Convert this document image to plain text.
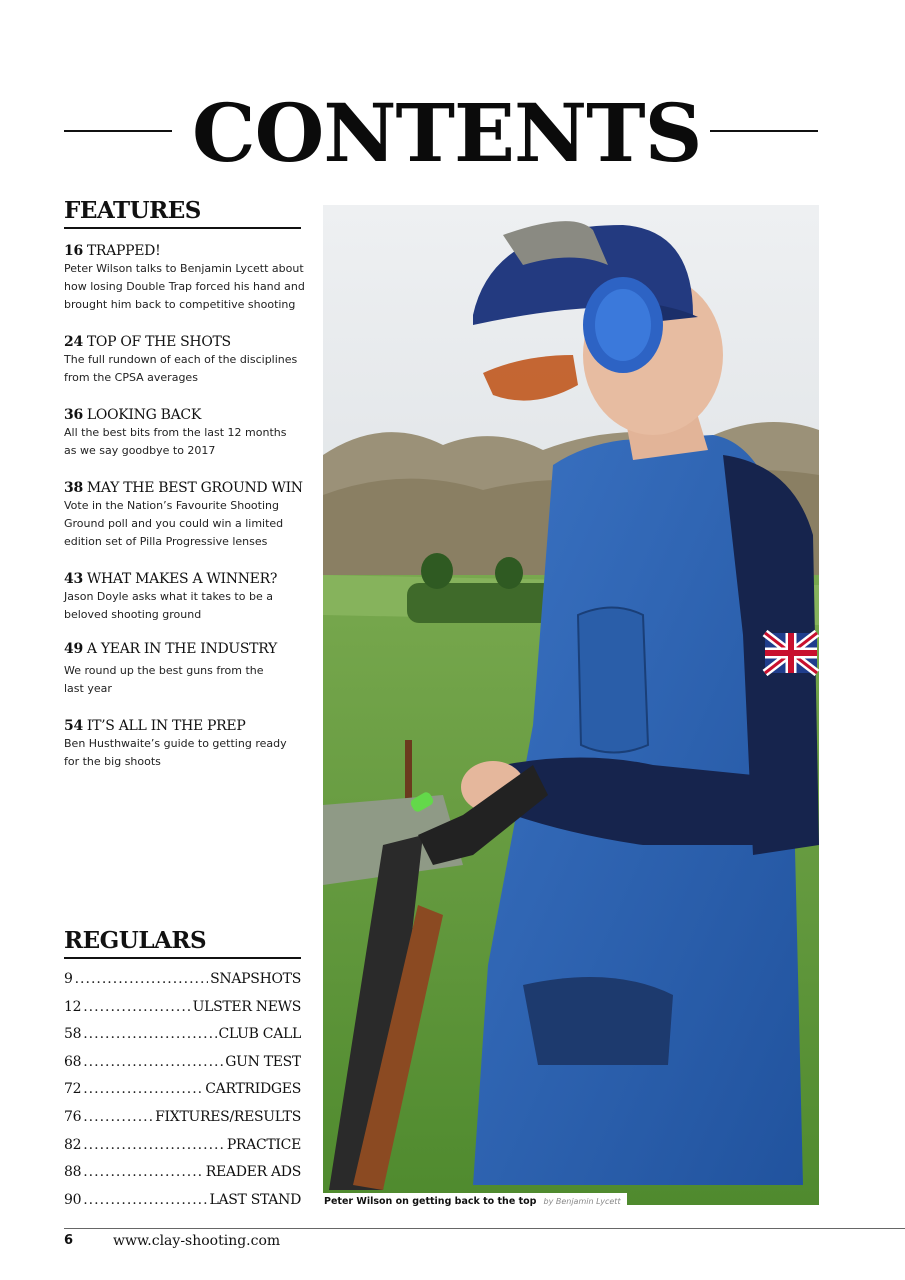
CONTENTS
FEATURES
16 TRAPPED!
Peter Wilson talks to Benjamin Lycett about
how losing Double Trap forced his hand and
brought him back to competitive shooting
24 TOP OF THE SHOTS
The full rundown of each of the disciplines
from the CPSA averages
36 LOOKING BACK
All the best bits from the last 12 months
as we say goodbye to 2017
38 MAY THE BEST GROUND WIN
Vote in the Nation’s Favourite Shooting
Ground poll and you could win a limited
edition set of Pilla Progressive lenses
43 WHAT MAKES A WINNER?
Jason Doyle asks what it takes to be a
beloved shooting ground
49 A YEAR IN THE INDUSTRY
We round up the best guns from the
last year
54 IT’S ALL IN THE PREP
Ben Husthwaite’s guide to getting ready
for the big shoots
REGULARS
9 .....	SNAPSHOTS
12 .....	ULSTER NEWS
58 .....	CLUB CALL
68 .....	GUN TEST
72 .....	CARTRIDGES
76 .....	FIXTURES/RESULTS
82 .....	PRACTICE
88 .....	READER ADS
90 .....	LAST STAND Peter Wilson on getting back to the top by Benjamin Lycett
6	www.clay-shooting.com
